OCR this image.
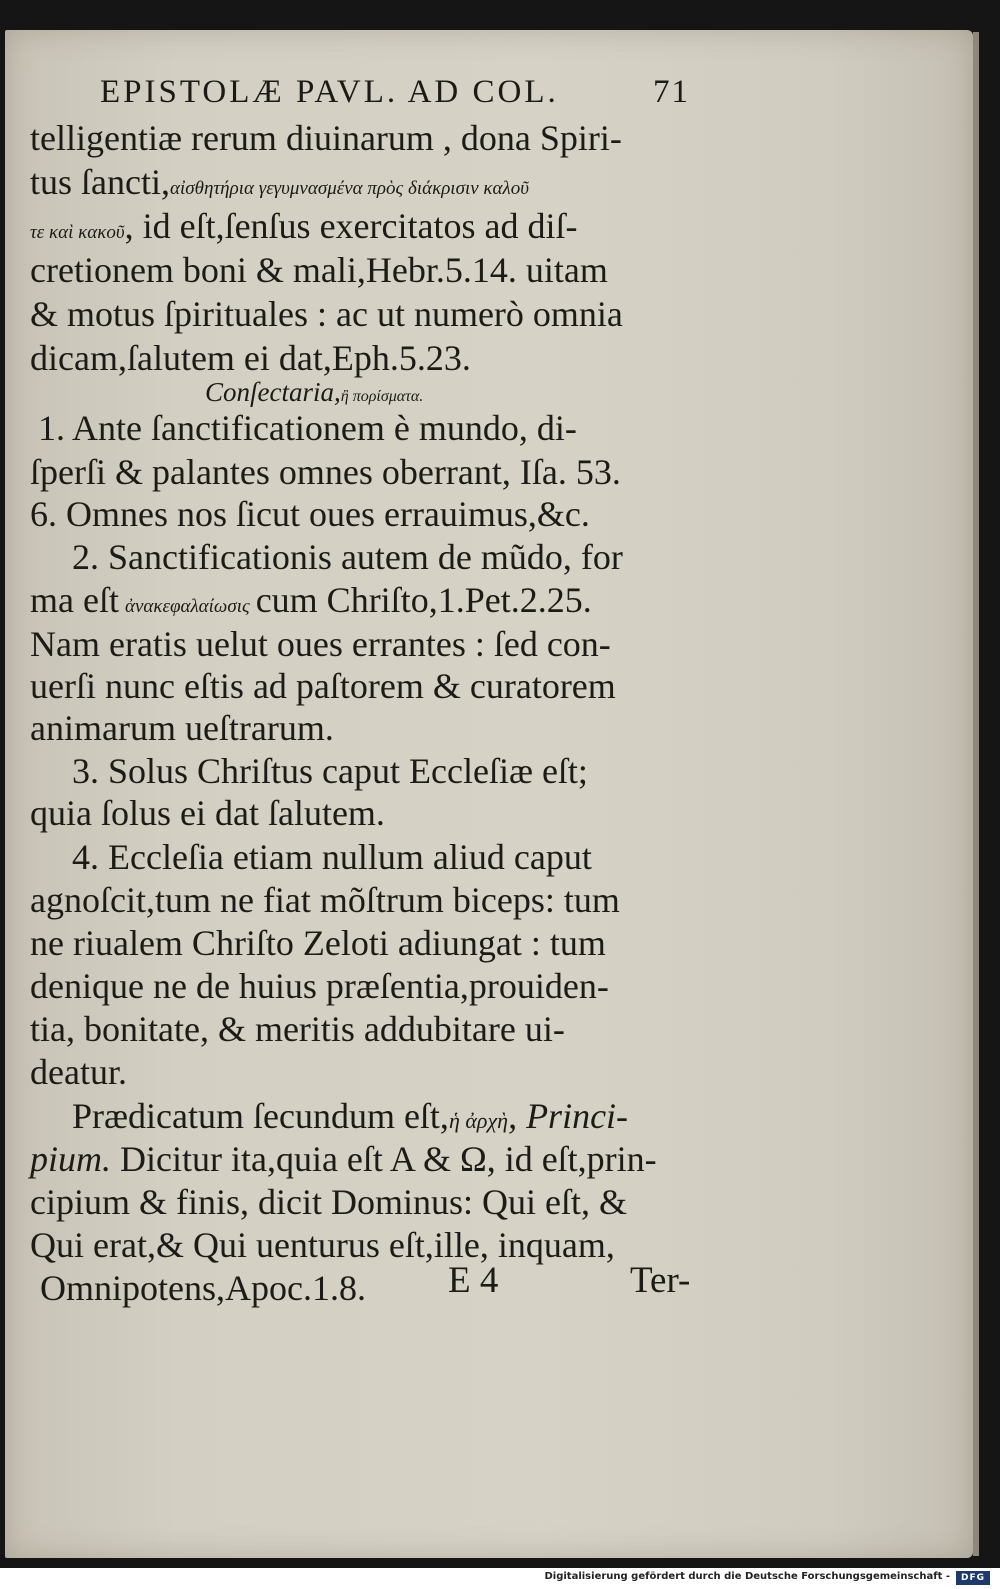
EPISTOLÆ PAVL. AD COL.	71
telligentiæ rerum diuinarum , dona Spiri-
tus ſancti,αἰσθητήρια γεγυμνασμένα πρὸς διάκρισιν καλοῦ
τε καὶ κακοῦ, id eſt,ſenſus exercitatos ad diſ-
cretionem boni & mali,Hebr.5.14. uitam
& motus ſpirituales : ac ut numerò omnia
dicam,ſalutem ei dat,Eph.5.23.
Conſectaria,ἢ πορίσματα.
1. Ante ſanctificationem è mundo, di-
ſperſi & palantes omnes oberrant, Iſa. 53.
6. Omnes nos ſicut oues errauimus,&c.
2. Sanctificationis autem de mũdo, for
ma eſt ἀνακεφαλαίωσις cum Chriſto,1.Pet.2.25.
Nam eratis uelut oues errantes : ſed con-
uerſi nunc eſtis ad paſtorem & curatorem
animarum ueſtrarum.
3. Solus Chriſtus caput Eccleſiæ eſt;
quia ſolus ei dat ſalutem.
4. Eccleſia etiam nullum aliud caput
agnoſcit,tum ne fiat mõſtrum biceps: tum
ne riualem Chriſto Zeloti adiungat : tum
denique ne de huius præſentia,prouiden-
tia, bonitate, & meritis addubitare ui-
deatur.
Prædicatum ſecundum eſt,ἡ ἀρχὴ, Princi-
pium. Dicitur ita,quia eſt A & Ω, id eſt,prin-
cipium & finis, dicit Dominus: Qui eſt, &
Qui erat,& Qui uenturus eſt,ille, inquam,
Omnipotens,Apoc.1.8. E 4	Ter-
Digitalisierung gefördert durch die Deutsche Forschungsgemeinschaft -	DFG
